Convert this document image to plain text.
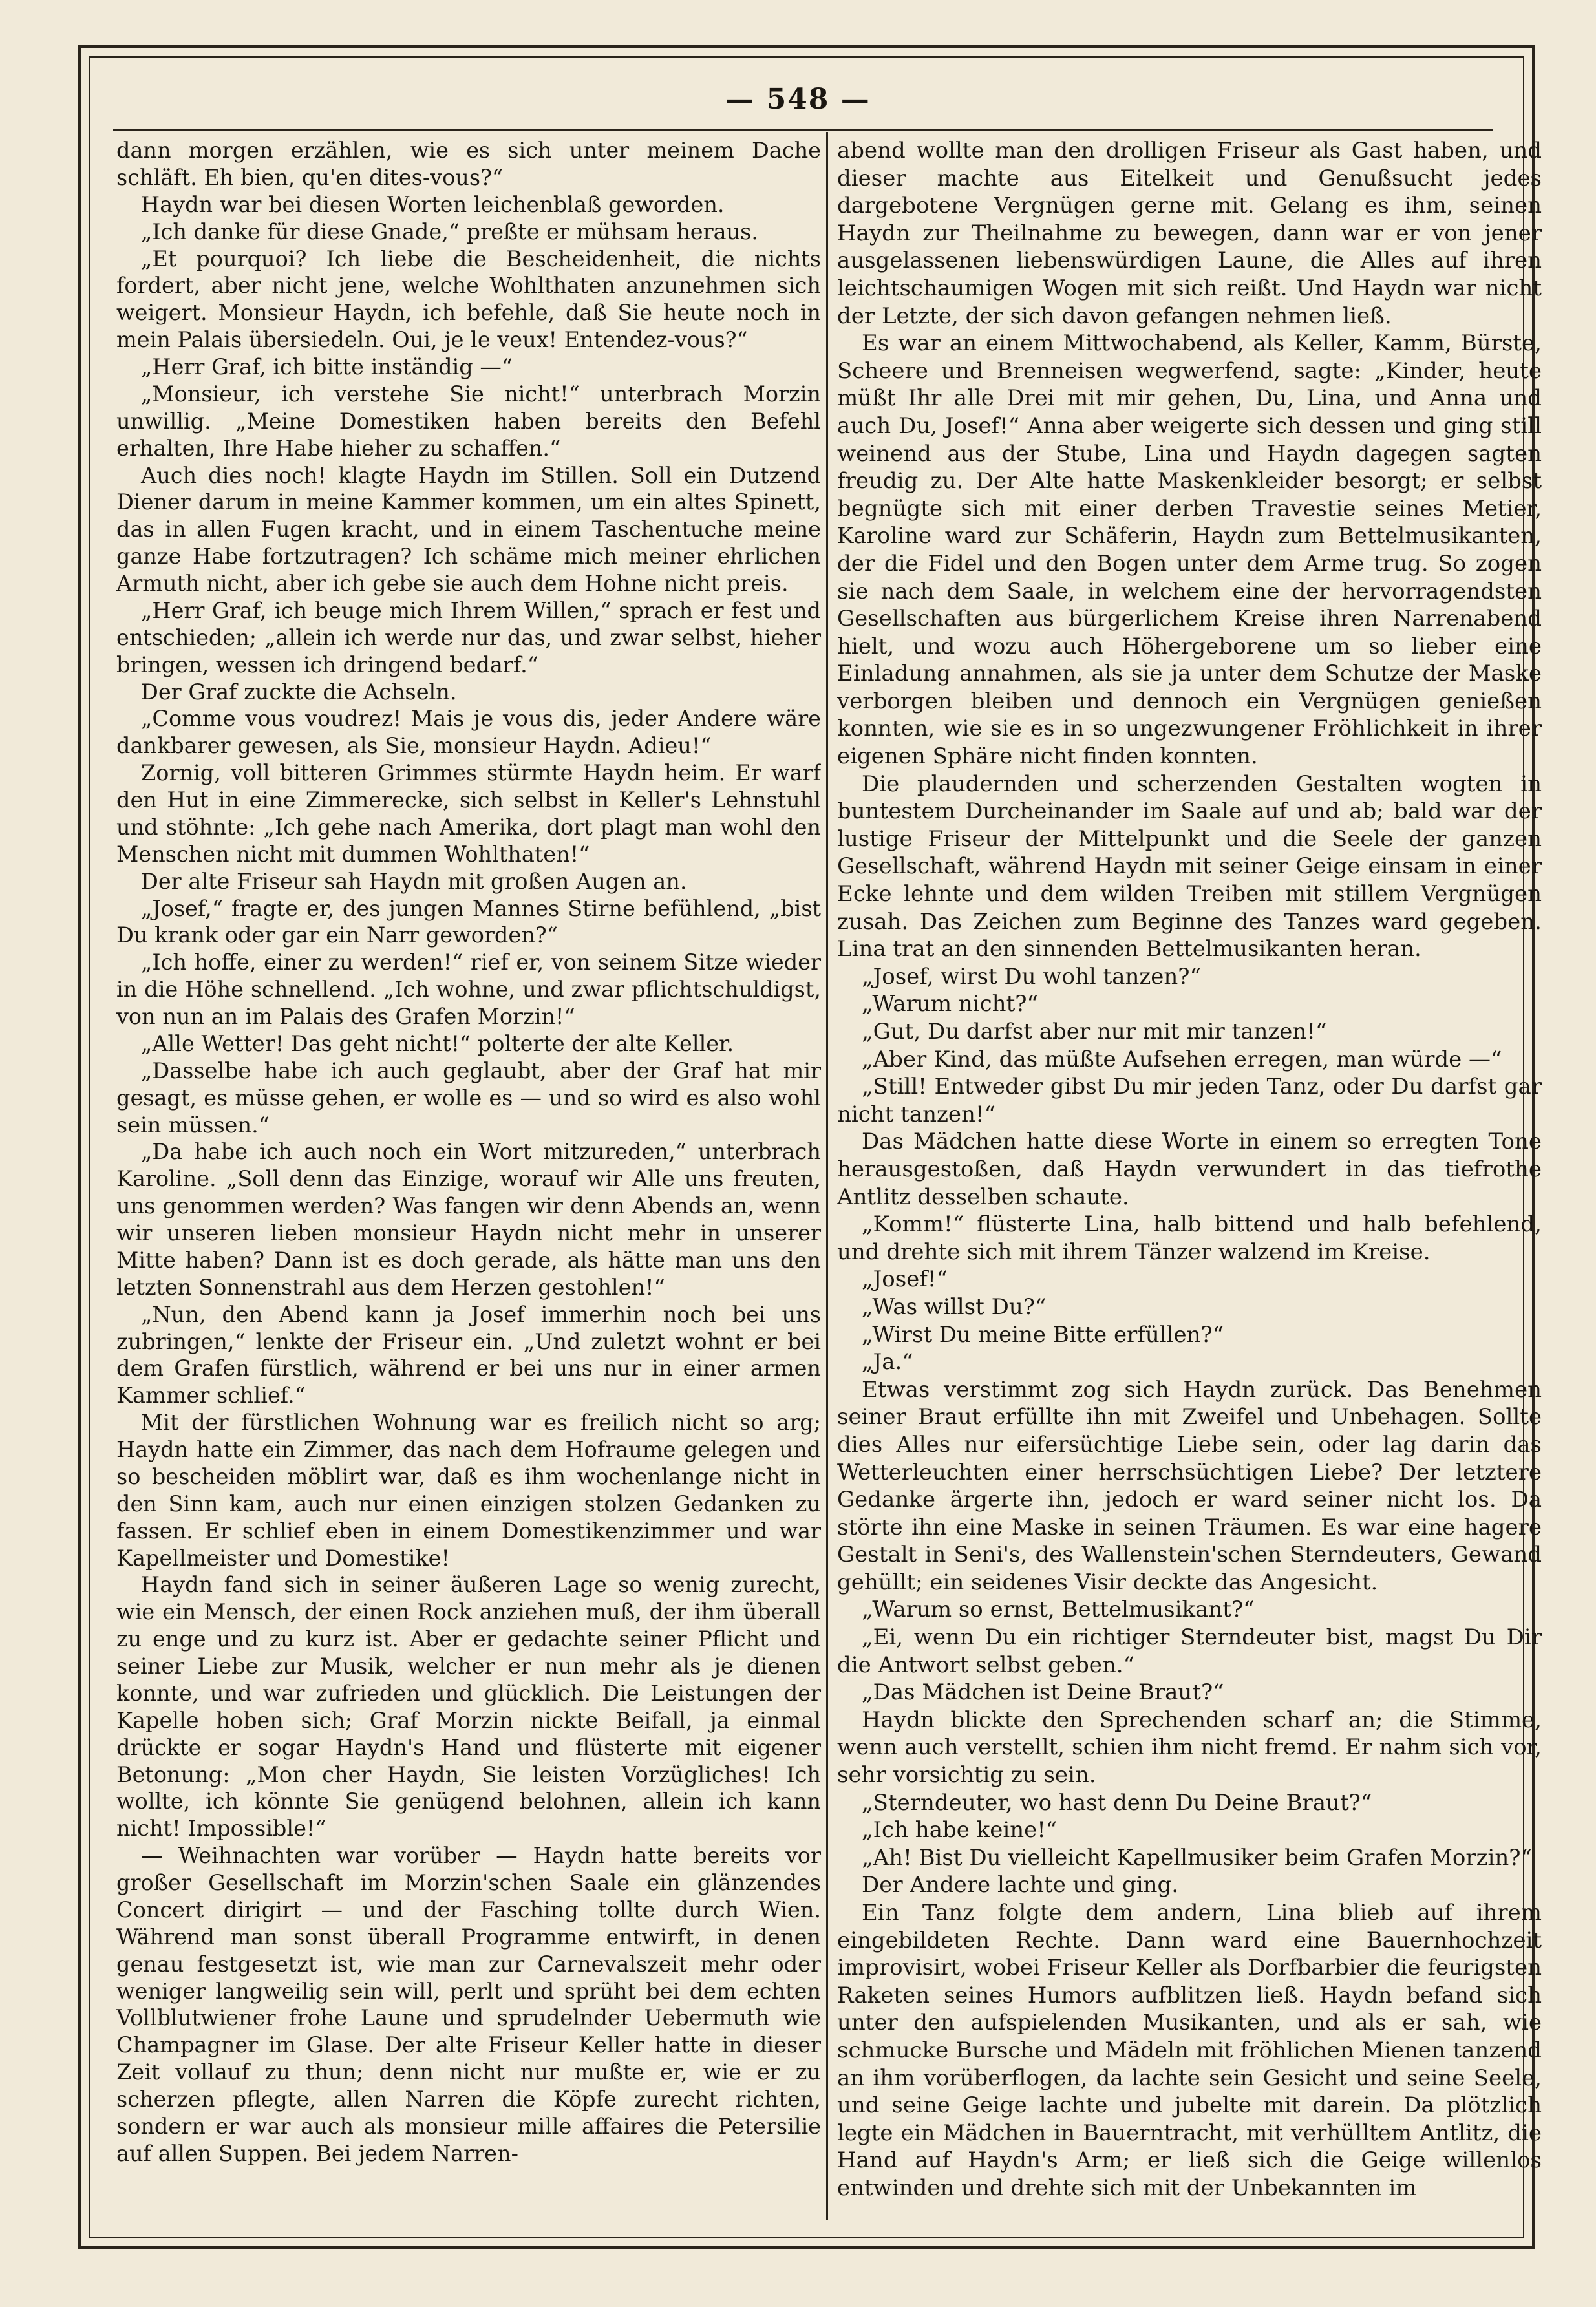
— 548 —

dann morgen erzählen, wie es sich unter meinem Dache schläft. Eh bien, qu'en dites-vous?“

Haydn war bei diesen Worten leichenblaß geworden.

„Ich danke für diese Gnade,“ preßte er mühsam heraus.

„Et pourquoi? Ich liebe die Bescheidenheit, die nichts fordert, aber nicht jene, welche Wohlthaten anzunehmen sich weigert. Monsieur Haydn, ich befehle, daß Sie heute noch in mein Palais übersiedeln. Oui, je le veux! Entendez-vous?“

„Herr Graf, ich bitte inständig —“

„Monsieur, ich verstehe Sie nicht!“ unterbrach Morzin unwillig. „Meine Domestiken haben bereits den Befehl erhalten, Ihre Habe hieher zu schaffen.“

Auch dies noch! klagte Haydn im Stillen. Soll ein Dutzend Diener darum in meine Kammer kommen, um ein altes Spinett, das in allen Fugen kracht, und in einem Taschentuche meine ganze Habe fortzutragen? Ich schäme mich meiner ehrlichen Armuth nicht, aber ich gebe sie auch dem Hohne nicht preis.

„Herr Graf, ich beuge mich Ihrem Willen,“ sprach er fest und entschieden; „allein ich werde nur das, und zwar selbst, hieher bringen, wessen ich dringend bedarf.“

Der Graf zuckte die Achseln.

„Comme vous voudrez! Mais je vous dis, jeder Andere wäre dankbarer gewesen, als Sie, monsieur Haydn. Adieu!“

Zornig, voll bitteren Grimmes stürmte Haydn heim. Er warf den Hut in eine Zimmerecke, sich selbst in Keller's Lehnstuhl und stöhnte: „Ich gehe nach Amerika, dort plagt man wohl den Menschen nicht mit dummen Wohlthaten!“

Der alte Friseur sah Haydn mit großen Augen an.

„Josef,“ fragte er, des jungen Mannes Stirne befühlend, „bist Du krank oder gar ein Narr geworden?“

„Ich hoffe, einer zu werden!“ rief er, von seinem Sitze wieder in die Höhe schnellend. „Ich wohne, und zwar pflichtschuldigst, von nun an im Palais des Grafen Morzin!“

„Alle Wetter! Das geht nicht!“ polterte der alte Keller.

„Dasselbe habe ich auch geglaubt, aber der Graf hat mir gesagt, es müsse gehen, er wolle es — und so wird es also wohl sein müssen.“

„Da habe ich auch noch ein Wort mitzureden,“ unterbrach Karoline. „Soll denn das Einzige, worauf wir Alle uns freuten, uns genommen werden? Was fangen wir denn Abends an, wenn wir unseren lieben monsieur Haydn nicht mehr in unserer Mitte haben? Dann ist es doch gerade, als hätte man uns den letzten Sonnenstrahl aus dem Herzen gestohlen!“

„Nun, den Abend kann ja Josef immerhin noch bei uns zubringen,“ lenkte der Friseur ein. „Und zuletzt wohnt er bei dem Grafen fürstlich, während er bei uns nur in einer armen Kammer schlief.“

Mit der fürstlichen Wohnung war es freilich nicht so arg; Haydn hatte ein Zimmer, das nach dem Hofraume gelegen und so bescheiden möblirt war, daß es ihm wochenlange nicht in den Sinn kam, auch nur einen einzigen stolzen Gedanken zu fassen. Er schlief eben in einem Domestikenzimmer und war Kapellmeister und Domestike!

Haydn fand sich in seiner äußeren Lage so wenig zurecht, wie ein Mensch, der einen Rock anziehen muß, der ihm überall zu enge und zu kurz ist. Aber er gedachte seiner Pflicht und seiner Liebe zur Musik, welcher er nun mehr als je dienen konnte, und war zufrieden und glücklich. Die Leistungen der Kapelle hoben sich; Graf Morzin nickte Beifall, ja einmal drückte er sogar Haydn's Hand und flüsterte mit eigener Betonung: „Mon cher Haydn, Sie leisten Vorzügliches! Ich wollte, ich könnte Sie genügend belohnen, allein ich kann nicht! Impossible!“

— Weihnachten war vorüber — Haydn hatte bereits vor großer Gesellschaft im Morzin'schen Saale ein glänzendes Concert dirigirt — und der Fasching tollte durch Wien. Während man sonst überall Programme entwirft, in denen genau festgesetzt ist, wie man zur Carnevalszeit mehr oder weniger langweilig sein will, perlt und sprüht bei dem echten Vollblutwiener frohe Laune und sprudelnder Uebermuth wie Champagner im Glase. Der alte Friseur Keller hatte in dieser Zeit vollauf zu thun; denn nicht nur mußte er, wie er zu scherzen pflegte, allen Narren die Köpfe zurecht richten, sondern er war auch als monsieur mille affaires die Petersilie auf allen Suppen. Bei jedem Narren-

abend wollte man den drolligen Friseur als Gast haben, und dieser machte aus Eitelkeit und Genußsucht jedes dargebotene Vergnügen gerne mit. Gelang es ihm, seinen Haydn zur Theilnahme zu bewegen, dann war er von jener ausgelassenen liebenswürdigen Laune, die Alles auf ihren leichtschaumigen Wogen mit sich reißt. Und Haydn war nicht der Letzte, der sich davon gefangen nehmen ließ.

Es war an einem Mittwochabend, als Keller, Kamm, Bürste, Scheere und Brenneisen wegwerfend, sagte: „Kinder, heute müßt Ihr alle Drei mit mir gehen, Du, Lina, und Anna und auch Du, Josef!“ Anna aber weigerte sich dessen und ging still weinend aus der Stube, Lina und Haydn dagegen sagten freudig zu. Der Alte hatte Maskenkleider besorgt; er selbst begnügte sich mit einer derben Travestie seines Metier, Karoline ward zur Schäferin, Haydn zum Bettelmusikanten, der die Fidel und den Bogen unter dem Arme trug. So zogen sie nach dem Saale, in welchem eine der hervorragendsten Gesellschaften aus bürgerlichem Kreise ihren Narrenabend hielt, und wozu auch Höhergeborene um so lieber eine Einladung annahmen, als sie ja unter dem Schutze der Maske verborgen bleiben und dennoch ein Vergnügen genießen konnten, wie sie es in so ungezwungener Fröhlichkeit in ihrer eigenen Sphäre nicht finden konnten.

Die plaudernden und scherzenden Gestalten wogten in buntestem Durcheinander im Saale auf und ab; bald war der lustige Friseur der Mittelpunkt und die Seele der ganzen Gesellschaft, während Haydn mit seiner Geige einsam in einer Ecke lehnte und dem wilden Treiben mit stillem Vergnügen zusah. Das Zeichen zum Beginne des Tanzes ward gegeben. Lina trat an den sinnenden Bettelmusikanten heran.

„Josef, wirst Du wohl tanzen?“

„Warum nicht?“

„Gut, Du darfst aber nur mit mir tanzen!“

„Aber Kind, das müßte Aufsehen erregen, man würde —“

„Still! Entweder gibst Du mir jeden Tanz, oder Du darfst gar nicht tanzen!“

Das Mädchen hatte diese Worte in einem so erregten Tone herausgestoßen, daß Haydn verwundert in das tiefrothe Antlitz desselben schaute.

„Komm!“ flüsterte Lina, halb bittend und halb befehlend, und drehte sich mit ihrem Tänzer walzend im Kreise.

„Josef!“

„Was willst Du?“

„Wirst Du meine Bitte erfüllen?“

„Ja.“

Etwas verstimmt zog sich Haydn zurück. Das Benehmen seiner Braut erfüllte ihn mit Zweifel und Unbehagen. Sollte dies Alles nur eifersüchtige Liebe sein, oder lag darin das Wetterleuchten einer herrschsüchtigen Liebe? Der letztere Gedanke ärgerte ihn, jedoch er ward seiner nicht los. Da störte ihn eine Maske in seinen Träumen. Es war eine hagere Gestalt in Seni's, des Wallenstein'schen Sterndeuters, Gewand gehüllt; ein seidenes Visir deckte das Angesicht.

„Warum so ernst, Bettelmusikant?“

„Ei, wenn Du ein richtiger Sterndeuter bist, magst Du Dir die Antwort selbst geben.“

„Das Mädchen ist Deine Braut?“

Haydn blickte den Sprechenden scharf an; die Stimme, wenn auch verstellt, schien ihm nicht fremd. Er nahm sich vor, sehr vorsichtig zu sein.

„Sterndeuter, wo hast denn Du Deine Braut?“

„Ich habe keine!“

„Ah! Bist Du vielleicht Kapellmusiker beim Grafen Morzin?“

Der Andere lachte und ging.

Ein Tanz folgte dem andern, Lina blieb auf ihrem eingebildeten Rechte. Dann ward eine Bauernhochzeit improvisirt, wobei Friseur Keller als Dorfbarbier die feurigsten Raketen seines Humors aufblitzen ließ. Haydn befand sich unter den aufspielenden Musikanten, und als er sah, wie schmucke Bursche und Mädeln mit fröhlichen Mienen tanzend an ihm vorüberflogen, da lachte sein Gesicht und seine Seele, und seine Geige lachte und jubelte mit darein. Da plötzlich legte ein Mädchen in Bauerntracht, mit verhülltem Antlitz, die Hand auf Haydn's Arm; er ließ sich die Geige willenlos entwinden und drehte sich mit der Unbekannten im
